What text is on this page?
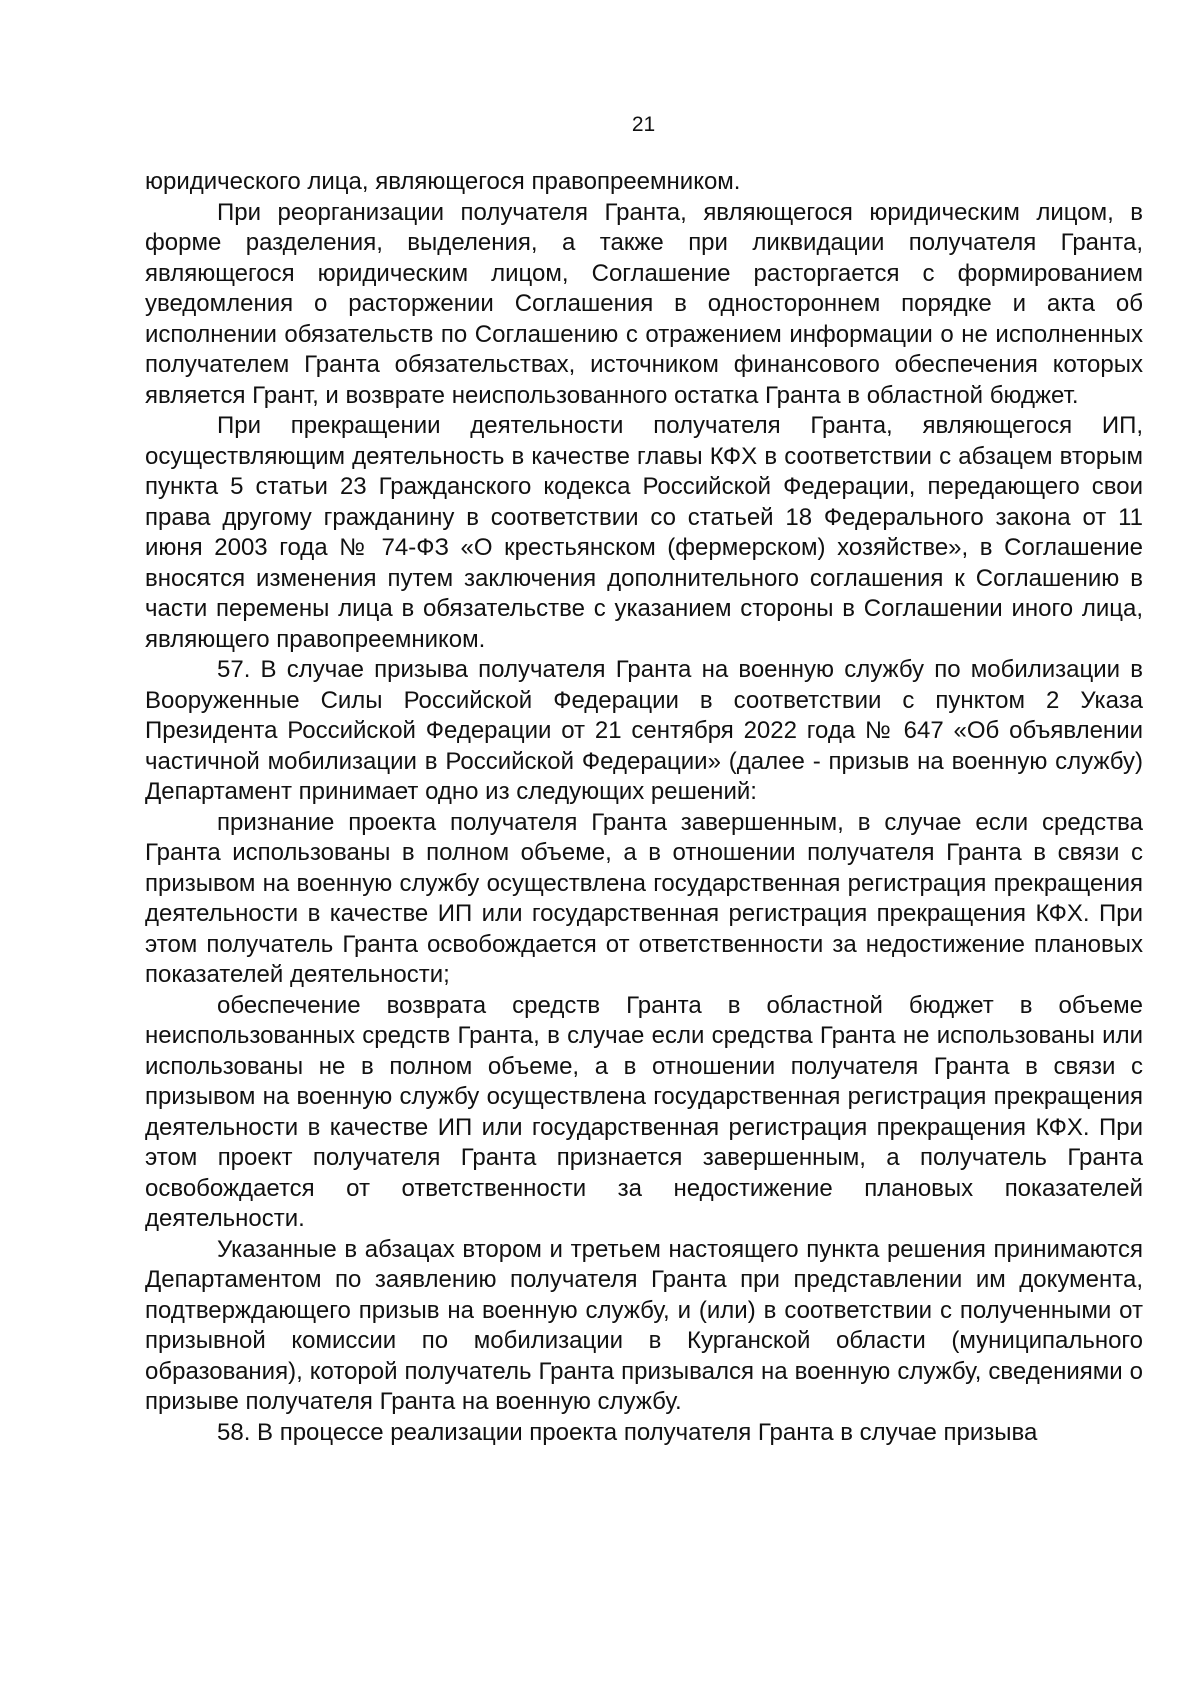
21

юридического лица, являющегося правопреемником.

При реорганизации получателя Гранта, являющегося юридическим лицом, в форме разделения, выделения, а также при ликвидации получателя Гранта, являющегося юридическим лицом, Соглашение расторгается с формированием уведомления о расторжении Соглашения в одностороннем порядке и акта об исполнении обязательств по Соглашению с отражением информации о не исполненных получателем Гранта обязательствах, источником финансового обеспечения которых является Грант, и возврате неиспользованного остатка Гранта в областной бюджет.

При прекращении деятельности получателя Гранта, являющегося ИП, осуществляющим деятельность в качестве главы КФХ в соответствии с абзацем вторым пункта 5 статьи 23 Гражданского кодекса Российской Федерации, передающего свои права другому гражданину в соответствии со статьей 18 Федерального закона от 11 июня 2003 года № 74-ФЗ «О крестьянском (фермерском) хозяйстве», в Соглашение вносятся изменения путем заключения дополнительного соглашения к Соглашению в части перемены лица в обязательстве с указанием стороны в Соглашении иного лица, являющего правопреемником.

57. В случае призыва получателя Гранта на военную службу по мобилизации в Вооруженные Силы Российской Федерации в соответствии с пунктом 2 Указа Президента Российской Федерации от 21 сентября 2022 года № 647 «Об объявлении частичной мобилизации в Российской Федерации» (далее - призыв на военную службу) Департамент принимает одно из следующих решений:

признание проекта получателя Гранта завершенным, в случае если средства Гранта использованы в полном объеме, а в отношении получателя Гранта в связи с призывом на военную службу осуществлена государственная регистрация прекращения деятельности в качестве ИП или государственная регистрация прекращения КФХ. При этом получатель Гранта освобождается от ответственности за недостижение плановых показателей деятельности;

обеспечение возврата средств Гранта в областной бюджет в объеме неиспользованных средств Гранта, в случае если средства Гранта не использованы или использованы не в полном объеме, а в отношении получателя Гранта в связи с призывом на военную службу осуществлена государственная регистрация прекращения деятельности в качестве ИП или государственная регистрация прекращения КФХ. При этом проект получателя Гранта признается завершенным, а получатель Гранта освобождается от ответственности за недостижение плановых показателей деятельности.

Указанные в абзацах втором и третьем настоящего пункта решения принимаются Департаментом по заявлению получателя Гранта при представлении им документа, подтверждающего призыв на военную службу, и (или) в соответствии с полученными от призывной комиссии по мобилизации в Курганской области (муниципального образования), которой получатель Гранта призывался на военную службу, сведениями о призыве получателя Гранта на военную службу.

58. В процессе реализации проекта получателя Гранта в случае призыва
